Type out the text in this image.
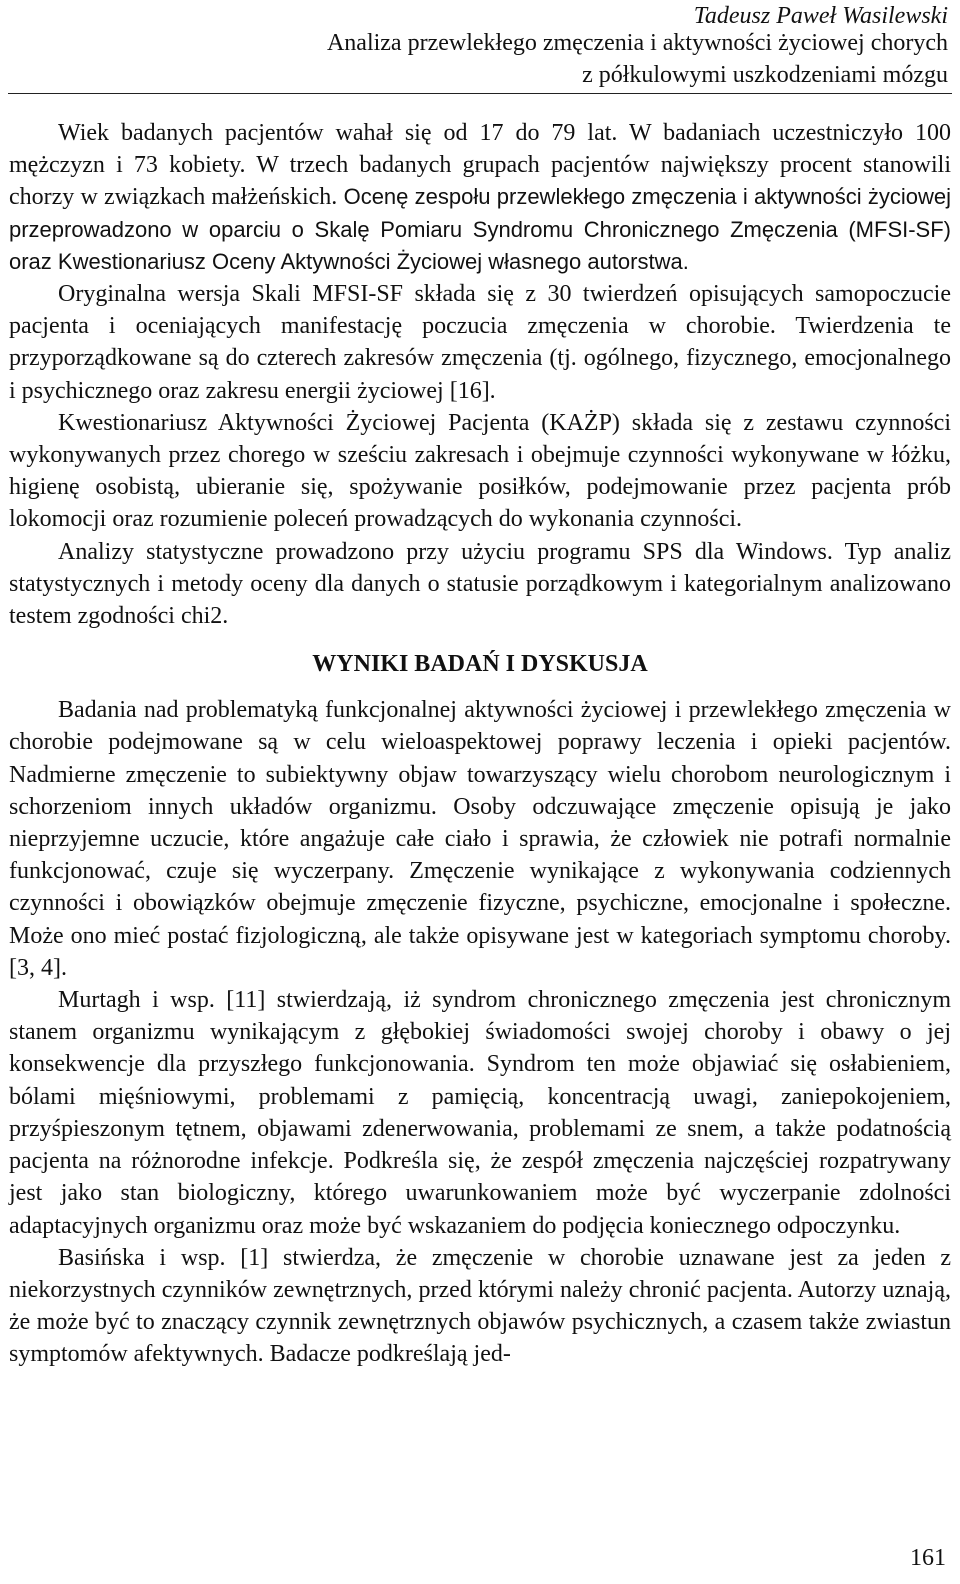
Tadeusz Paweł Wasilewski

Analiza przewlekłego zmęczenia i aktywności życiowej chorych

z półkulowymi uszkodzeniami mózgu

Wiek badanych pacjentów wahał się od 17 do 79 lat. W badaniach uczestniczyło 100 mężczyzn i 73 kobiety. W trzech badanych grupach pacjentów największy procent stanowili chorzy w związkach małżeńskich. Ocenę zespołu przewlekłego zmęczenia i aktywności życiowej przeprowadzono w oparciu o Skalę Pomiaru Syndromu Chronicznego Zmęczenia (MFSI-SF) oraz Kwestionariusz Oceny Aktywności Życiowej własnego autorstwa.

Oryginalna wersja Skali MFSI-SF składa się z 30 twierdzeń opisujących samopoczucie pacjenta i oceniających manifestację poczucia zmęczenia w chorobie. Twierdzenia te przyporządkowane są do czterech zakresów zmęczenia (tj. ogólnego, fizycznego, emocjonalnego i psychicznego oraz zakresu energii życiowej [16].

Kwestionariusz Aktywności Życiowej Pacjenta (KAŻP) składa się z zestawu czynności wykonywanych przez chorego w sześciu zakresach i obejmuje czynności wykonywane w łóżku, higienę osobistą, ubieranie się, spożywanie posiłków, podejmowanie przez pacjenta prób lokomocji oraz rozumienie poleceń prowadzących do wykonania czynności.

Analizy statystyczne prowadzono przy użyciu programu SPS dla Windows. Typ analiz statystycznych i metody oceny dla danych o statusie porządkowym i kategorialnym analizowano testem zgodności chi2.

WYNIKI BADAŃ I DYSKUSJA

Badania nad problematyką funkcjonalnej aktywności życiowej i przewlekłego zmęczenia w chorobie podejmowane są w celu wieloaspektowej poprawy leczenia i opieki pacjentów. Nadmierne zmęczenie to subiektywny objaw towarzyszący wielu chorobom neurologicznym i schorzeniom innych układów organizmu. Osoby odczuwające zmęczenie opisują je jako nieprzyjemne uczucie, które angażuje całe ciało i sprawia, że człowiek nie potrafi normalnie funkcjonować, czuje się wyczerpany. Zmęczenie wynikające z wykonywania codziennych czynności i obowiązków obejmuje zmęczenie fizyczne, psychiczne, emocjonalne i społeczne. Może ono mieć postać fizjologiczną, ale także opisywane jest w kategoriach symptomu choroby. [3, 4].

Murtagh i wsp. [11] stwierdzają, iż syndrom chronicznego zmęczenia jest chronicznym stanem organizmu wynikającym z głębokiej świadomości swojej choroby i obawy o jej konsekwencje dla przyszłego funkcjonowania. Syndrom ten może objawiać się osłabieniem, bólami mięśniowymi, problemami z pamięcią, koncentracją uwagi, zaniepokojeniem, przyśpieszonym tętnem, objawami zdenerwowania, problemami ze snem, a także podatnością pacjenta na różnorodne infekcje. Podkreśla się, że zespół zmęczenia najczęściej rozpatrywany jest jako stan biologiczny, którego uwarunkowaniem może być wyczerpanie zdolności adaptacyjnych organizmu oraz może być wskazaniem do podjęcia koniecznego odpoczynku.

Basińska i wsp. [1] stwierdza, że zmęczenie w chorobie uznawane jest za jeden z niekorzystnych czynników zewnętrznych, przed którymi należy chronić pacjenta. Autorzy uznają, że może być to znaczący czynnik zewnętrznych objawów psychicznych, a czasem także zwiastun symptomów afektywnych. Badacze podkreślają jed-

161
